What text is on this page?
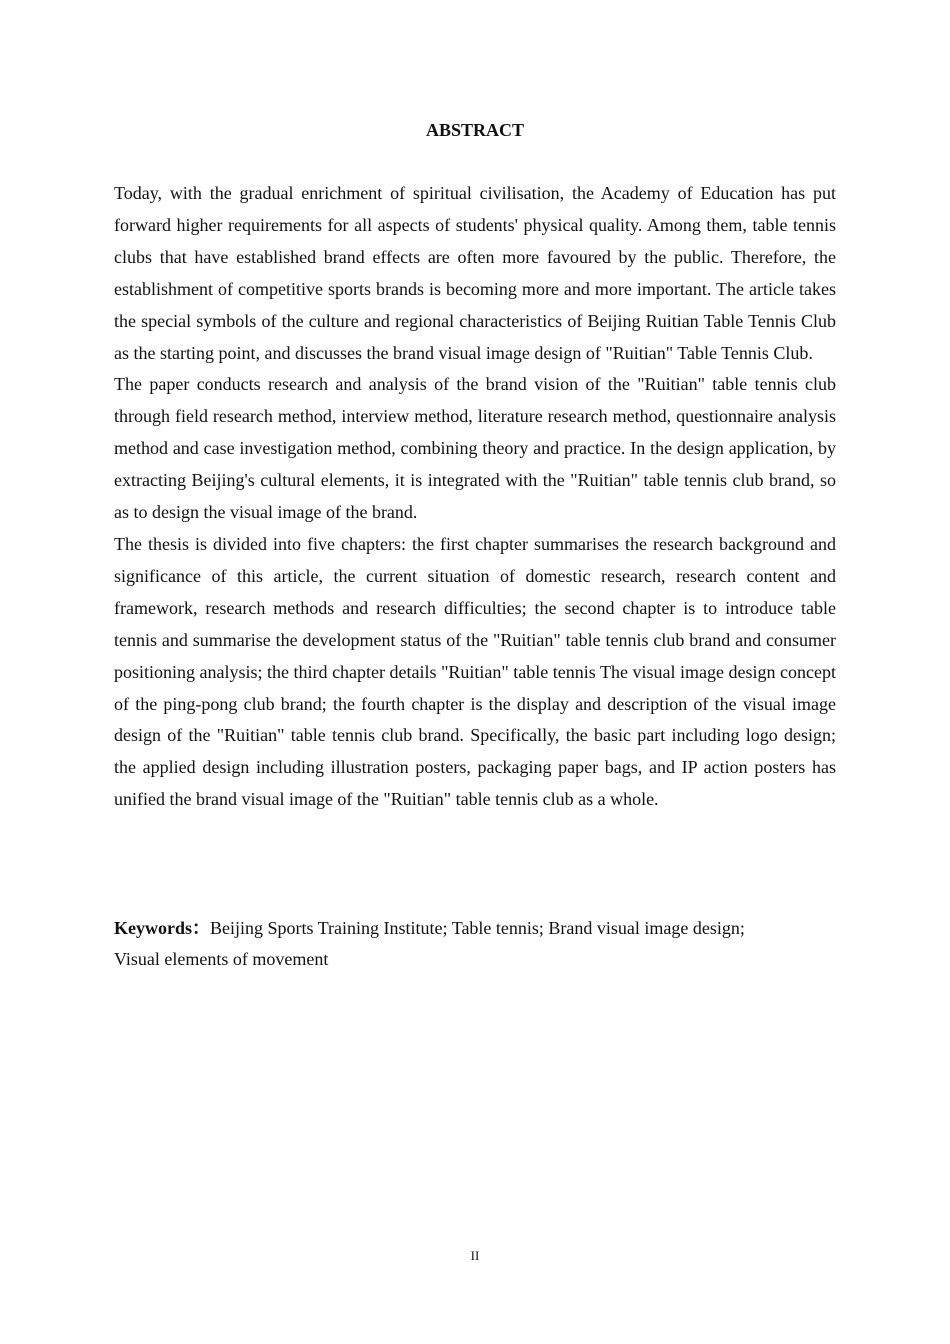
ABSTRACT

Today, with the gradual enrichment of spiritual civilisation, the Academy of Education has put forward higher requirements for all aspects of students' physical quality. Among them, table tennis clubs that have established brand effects are often more favoured by the public. Therefore, the establishment of competitive sports brands is becoming more and more important. The article takes the special symbols of the culture and regional characteristics of Beijing Ruitian Table Tennis Club as the starting point, and discusses the brand visual image design of "Ruitian" Table Tennis Club.

The paper conducts research and analysis of the brand vision of the "Ruitian" table tennis club through field research method, interview method, literature research method, questionnaire analysis method and case investigation method, combining theory and practice. In the design application, by extracting Beijing's cultural elements, it is integrated with the "Ruitian" table tennis club brand, so as to design the visual image of the brand.

The thesis is divided into five chapters: the first chapter summarises the research background and significance of this article, the current situation of domestic research, research content and framework, research methods and research difficulties; the second chapter is to introduce table tennis and summarise the development status of the "Ruitian" table tennis club brand and consumer positioning analysis; the third chapter details "Ruitian" table tennis The visual image design concept of the ping-pong club brand; the fourth chapter is the display and description of the visual image design of the "Ruitian" table tennis club brand. Specifically, the basic part including logo design; the applied design including illustration posters, packaging paper bags, and IP action posters has unified the brand visual image of the "Ruitian" table tennis club as a whole.

Keywords：Beijing Sports Training Institute; Table tennis; Brand visual image design;
Visual elements of movement
II
